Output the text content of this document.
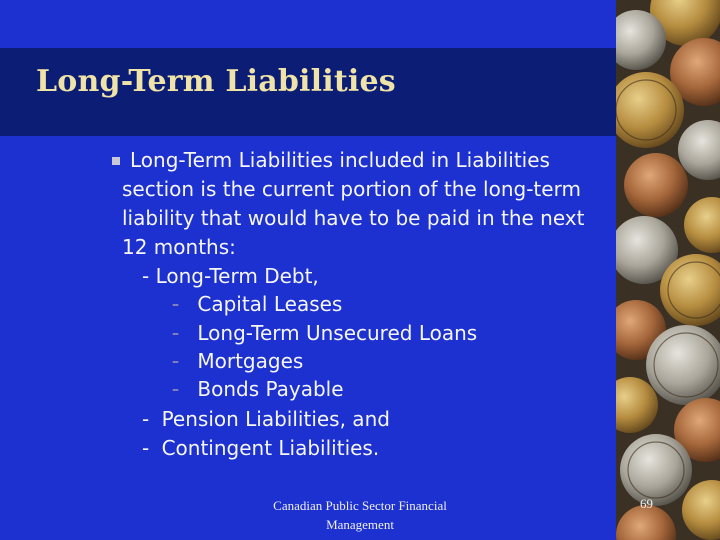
Long-Term Liabilities
Long-Term Liabilities included in Liabilities
section is the current portion of the long-term
liability that would have to be paid in the next
12 months:
- Long-Term Debt,
– Capital Leases
– Long-Term Unsecured Loans
– Mortgages
– Bonds Payable
- Pension Liabilities, and
- Contingent Liabilities.
Canadian Public Sector Financial
Management
69
